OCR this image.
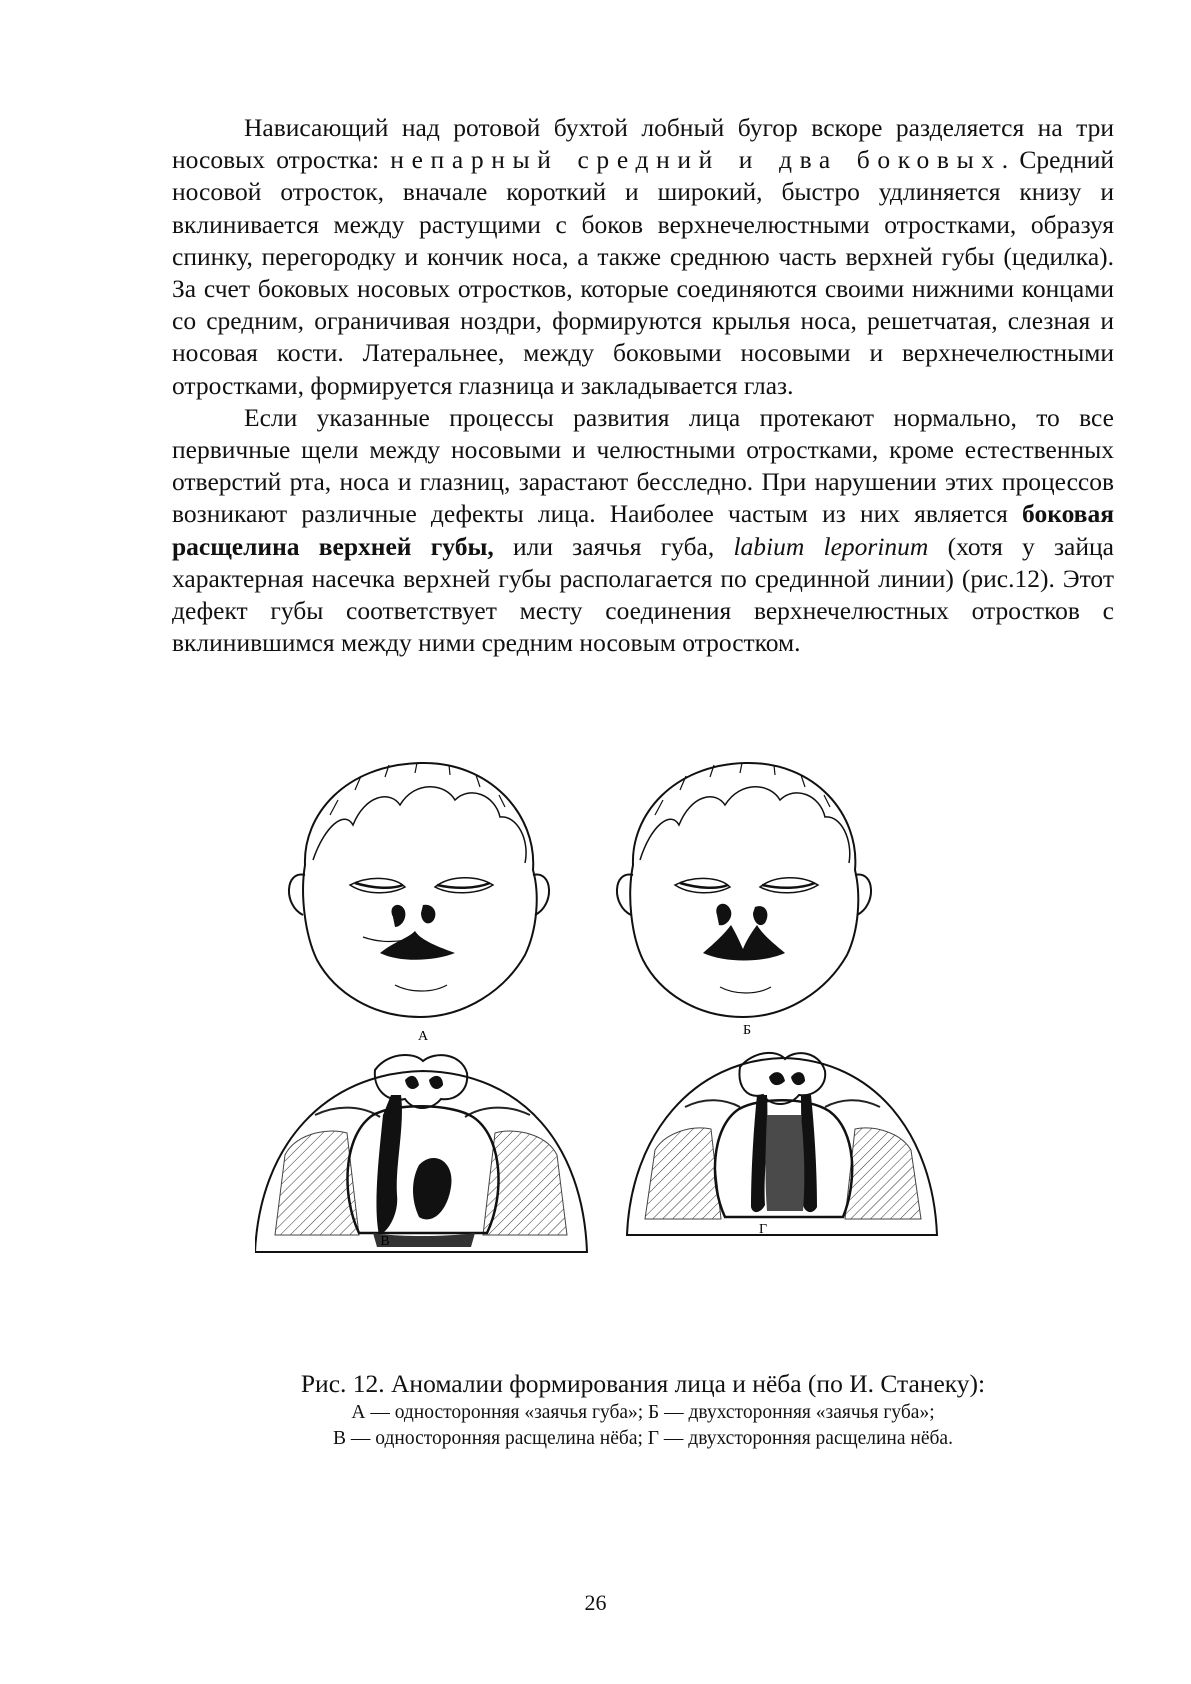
Нависающий над ротовой бухтой лобный бугор вскоре разделяется на три носовых отростка: непарный средний и два боковых. Средний носовой отросток, вначале короткий и широкий, быстро удлиняется книзу и вклинивается между растущими с боков верхнечелюстными отростками, образуя спинку, перегородку и кончик носа, а также среднюю часть верхней губы (цедилка). За счет боковых носовых отростков, которые соединяются своими нижними концами со средним, ограничивая ноздри, формируются крылья носа, решетчатая, слезная и носовая кости. Латеральнее, между боковыми носовыми и верхнечелюстными отростками, формируется глазница и закладывается глаз.

Если указанные процессы развития лица протекают нормально, то все первичные щели между носовыми и челюстными отростками, кроме естественных отверстий рта, носа и глазниц, зарастают бесследно. При нарушении этих процессов возникают различные дефекты лица. Наиболее частым из них является боковая расщелина верхней губы, или заячья губа, labium leporinum (хотя у зайца характерная насечка верхней губы располагается по срединной линии) (рис.12). Этот дефект губы соответствует месту соединения верхнечелюстных отростков с вклинившимся между ними средним носовым отростком.

А	Б
В
Г
Рис. 12. Аномалии формирования лица и нёба (по И. Станеку):
А — односторонняя «заячья губа»; Б — двухсторонняя «заячья губа»;
В — односторонняя расщелина нёба; Г — двухсторонняя расщелина нёба.
26
